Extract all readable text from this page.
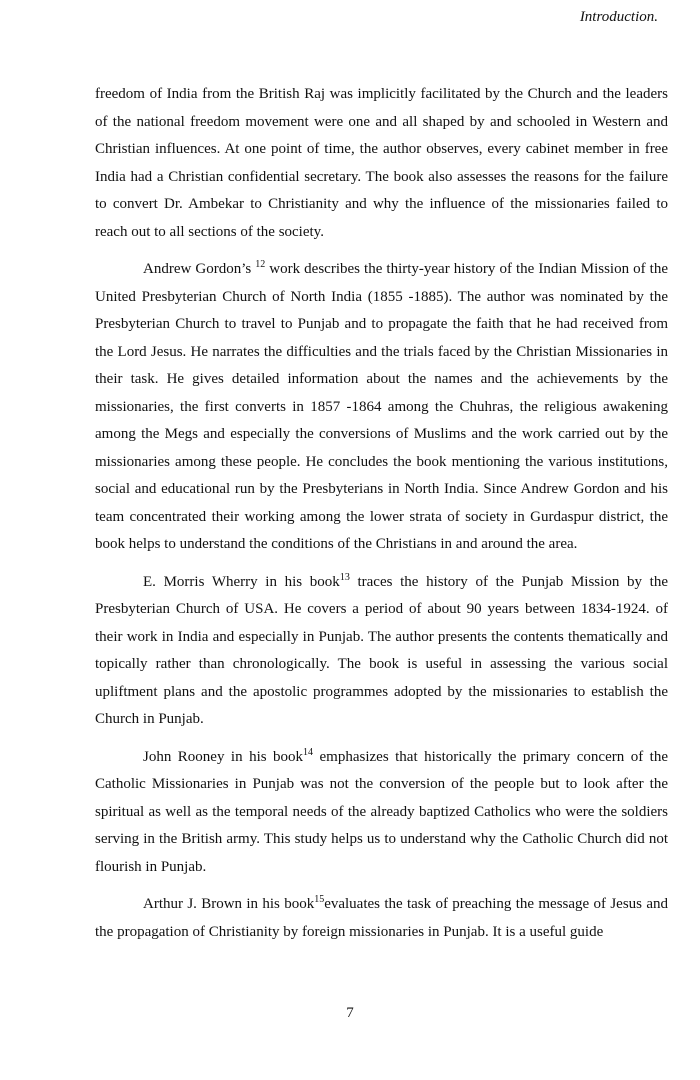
Introduction.

freedom of India from the British Raj was implicitly facilitated by the Church and the leaders of the national freedom movement were one and all shaped by and schooled in Western and Christian influences. At one point of time, the author observes, every cabinet member in free India had a Christian confidential secretary. The book also assesses the reasons for the failure to convert Dr. Ambekar to Christianity and why the influence of the missionaries failed to reach out to all sections of the society.

Andrew Gordon’s $^{12}$ work describes the thirty-year history of the Indian Mission of the United Presbyterian Church of North India (1855 -1885). The author was nominated by the Presbyterian Church to travel to Punjab and to propagate the faith that he had received from the Lord Jesus. He narrates the difficulties and the trials faced by the Christian Missionaries in their task. He gives detailed information about the names and the achievements by the missionaries, the first converts in 1857 -1864 among the Chuhras, the religious awakening among the Megs and especially the conversions of Muslims and the work carried out by the missionaries among these people. He concludes the book mentioning the various institutions, social and educational run by the Presbyterians in North India. Since Andrew Gordon and his team concentrated their working among the lower strata of society in Gurdaspur district, the book helps to understand the conditions of the Christians in and around the area.

E. Morris Wherry in his book$^{13}$ traces the history of the Punjab Mission by the Presbyterian Church of USA. He covers a period of about 90 years between 1834-1924. of their work in India and especially in Punjab. The author presents the contents thematically and topically rather than chronologically. The book is useful in assessing the various social upliftment plans and the apostolic programmes adopted by the missionaries to establish the Church in Punjab.

John Rooney in his book$^{14}$ emphasizes that historically the primary concern of the Catholic Missionaries in Punjab was not the conversion of the people but to look after the spiritual as well as the temporal needs of the already baptized Catholics who were the soldiers serving in the British army. This study helps us to understand why the Catholic Church did not flourish in Punjab.

Arthur J. Brown in his book$^{15}$evaluates the task of preaching the message of Jesus and the propagation of Christianity by foreign missionaries in Punjab. It is a useful guide

7
